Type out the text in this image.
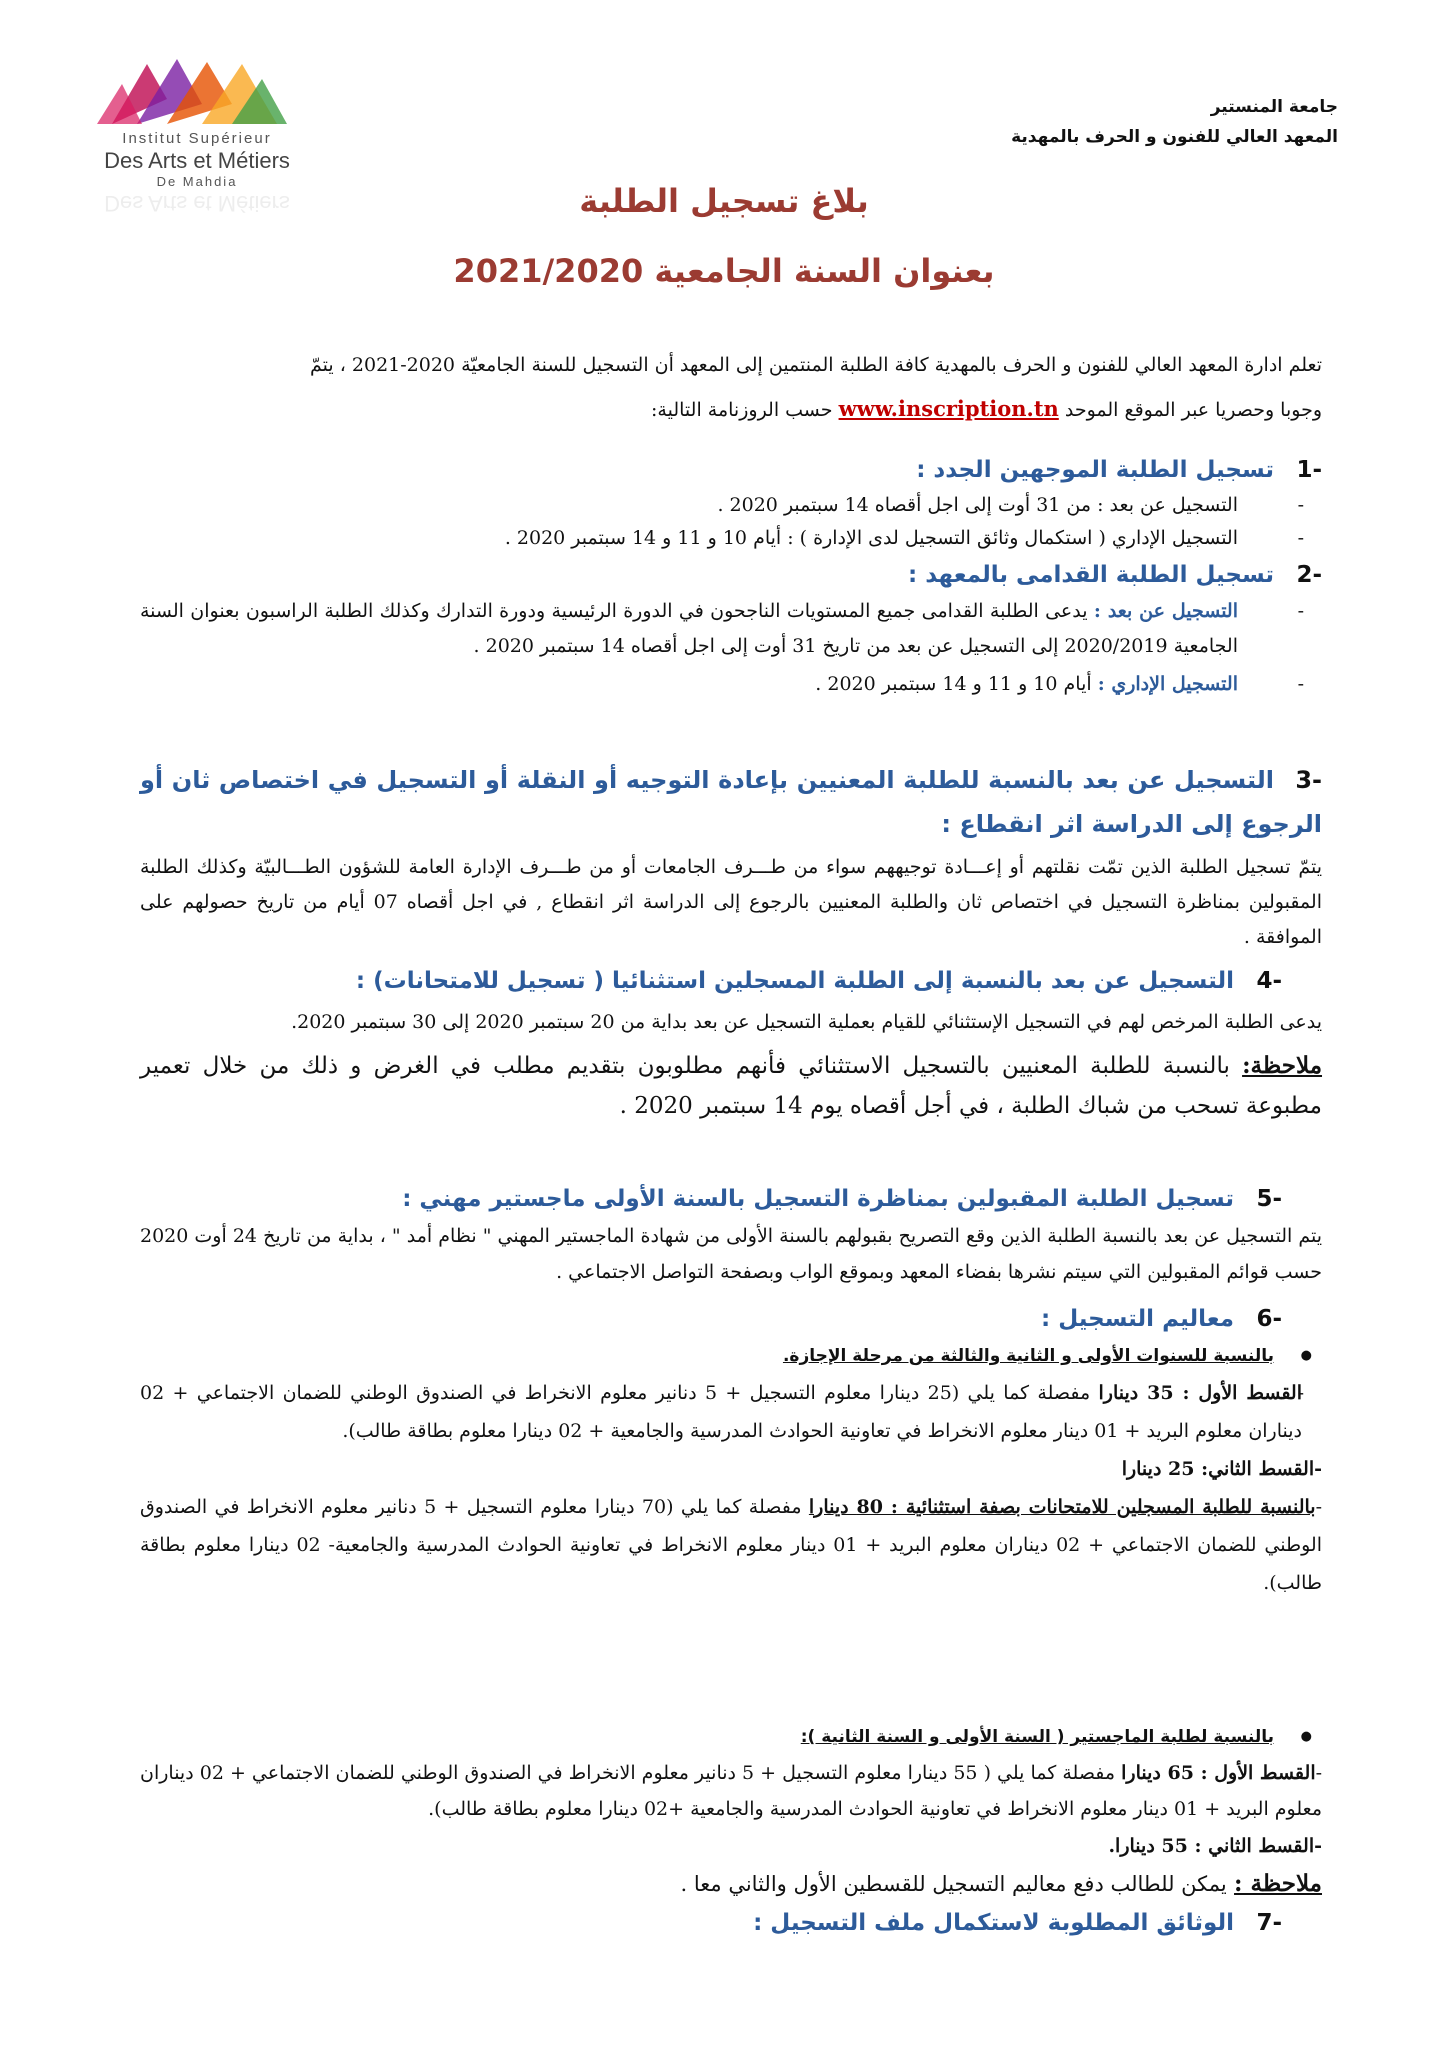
Institut Supérieur
Des Arts et Métiers
De Mahdia
Des Arts et Métiers
جامعة المنستير
المعهد العالي للفنون و الحرف بالمهدية
بلاغ تسجيل الطلبة
بعنوان السنة الجامعية 2021/2020
تعلم ادارة المعهد العالي للفنون و الحرف بالمهدية كافة الطلبة المنتمين إلى المعهد أن التسجيل للسنة الجامعيّة 2020-2021 ، يتمّ
وجوبا وحصريا عبر الموقع الموحد www.inscription.tn حسب الروزنامة التالية:
-1تسجيل الطلبة الموجهين الجدد :
- التسجيل عن بعد : من 31 أوت إلى اجل أقصاه 14 سبتمبر 2020 .
- التسجيل الإداري ( استكمال وثائق التسجيل لدى الإدارة ) : أيام 10 و 11 و 14 سبتمبر 2020 .
-2تسجيل الطلبة القدامى بالمعهد :
- التسجيل عن بعد : يدعى الطلبة القدامى جميع المستويات الناجحون في الدورة الرئيسية ودورة التدارك وكذلك الطلبة الراسبون بعنوان السنة الجامعية 2020/2019 إلى التسجيل عن بعد من تاريخ 31 أوت إلى اجل أقصاه 14 سبتمبر 2020 .
- التسجيل الإداري : أيام 10 و 11 و 14 سبتمبر 2020 .
-3التسجيل عن بعد بالنسبة للطلبة المعنيين بإعادة التوجيه أو النقلة أو التسجيل في اختصاص ثان أو الرجوع إلى الدراسة اثر انقطاع :
يتمّ تسجيل الطلبة الذين تمّت نقلتهم أو إعـــادة توجيههم سواء من طـــرف الجامعات أو من طـــرف الإدارة العامة للشؤون الطـــالبيّة وكذلك الطلبة المقبولين بمناظرة التسجيل في اختصاص ثان والطلبة المعنيين بالرجوع إلى الدراسة اثر انقطاع , في اجل أقصاه 07 أيام من تاريخ حصولهم على الموافقة .
-4التسجيل عن بعد بالنسبة إلى الطلبة المسجلين استثنائيا ( تسجيل للامتحانات) :
يدعى الطلبة المرخص لهم في التسجيل الإستثنائي للقيام بعملية التسجيل عن بعد بداية من 20 سبتمبر 2020 إلى 30 سبتمبر 2020.
ملاحظة: بالنسبة للطلبة المعنيين بالتسجيل الاستثنائي فأنهم مطلوبون بتقديم مطلب في الغرض و ذلك من خلال تعمير مطبوعة تسحب من شباك الطلبة ، في أجل أقصاه يوم 14 سبتمبر 2020 .
-5تسجيل الطلبة المقبولين بمناظرة التسجيل بالسنة الأولى ماجستير مهني :
يتم التسجيل عن بعد بالنسبة الطلبة الذين وقع التصريح بقبولهم بالسنة الأولى من شهادة الماجستير المهني " نظام أمد " ، بداية من تاريخ 24 أوت 2020 حسب قوائم المقبولين التي سيتم نشرها بفضاء المعهد وبموقع الواب وبصفحة التواصل الاجتماعي .
-6معاليم التسجيل :
● بالنسبة للسنوات الأولى و الثانية والثالثة من مرحلة الإجازة.
- القسط الأول : 35 دينارا مفصلة كما يلي (25 دينارا معلوم التسجيل + 5 دنانير معلوم الانخراط في الصندوق الوطني للضمان الاجتماعي + 02 ديناران معلوم البريد + 01 دينار معلوم الانخراط في تعاونية الحوادث المدرسية والجامعية + 02 دينارا معلوم بطاقة طالب).
-القسط الثاني: 25 دينارا
-بالنسبة للطلبة المسجلين للامتحانات بصفة استثنائية : 80 دينارا مفصلة كما يلي (70 دينارا معلوم التسجيل + 5 دنانير معلوم الانخراط في الصندوق الوطني للضمان الاجتماعي + 02 ديناران معلوم البريد + 01 دينار معلوم الانخراط في تعاونية الحوادث المدرسية والجامعية- 02 دينارا معلوم بطاقة طالب).
● بالنسبة لطلبة الماجستير ( السنة الأولى و السنة الثانية ):
-القسط الأول : 65 دينارا مفصلة كما يلي ( 55 دينارا معلوم التسجيل + 5 دنانير معلوم الانخراط في الصندوق الوطني للضمان الاجتماعي + 02 ديناران معلوم البريد + 01 دينار معلوم الانخراط في تعاونية الحوادث المدرسية والجامعية +02 دينارا معلوم بطاقة طالب).
-القسط الثاني : 55 دينارا.
ملاحظة : يمكن للطالب دفع معاليم التسجيل للقسطين الأول والثاني معا .
-7الوثائق المطلوبة لاستكمال ملف التسجيل :
